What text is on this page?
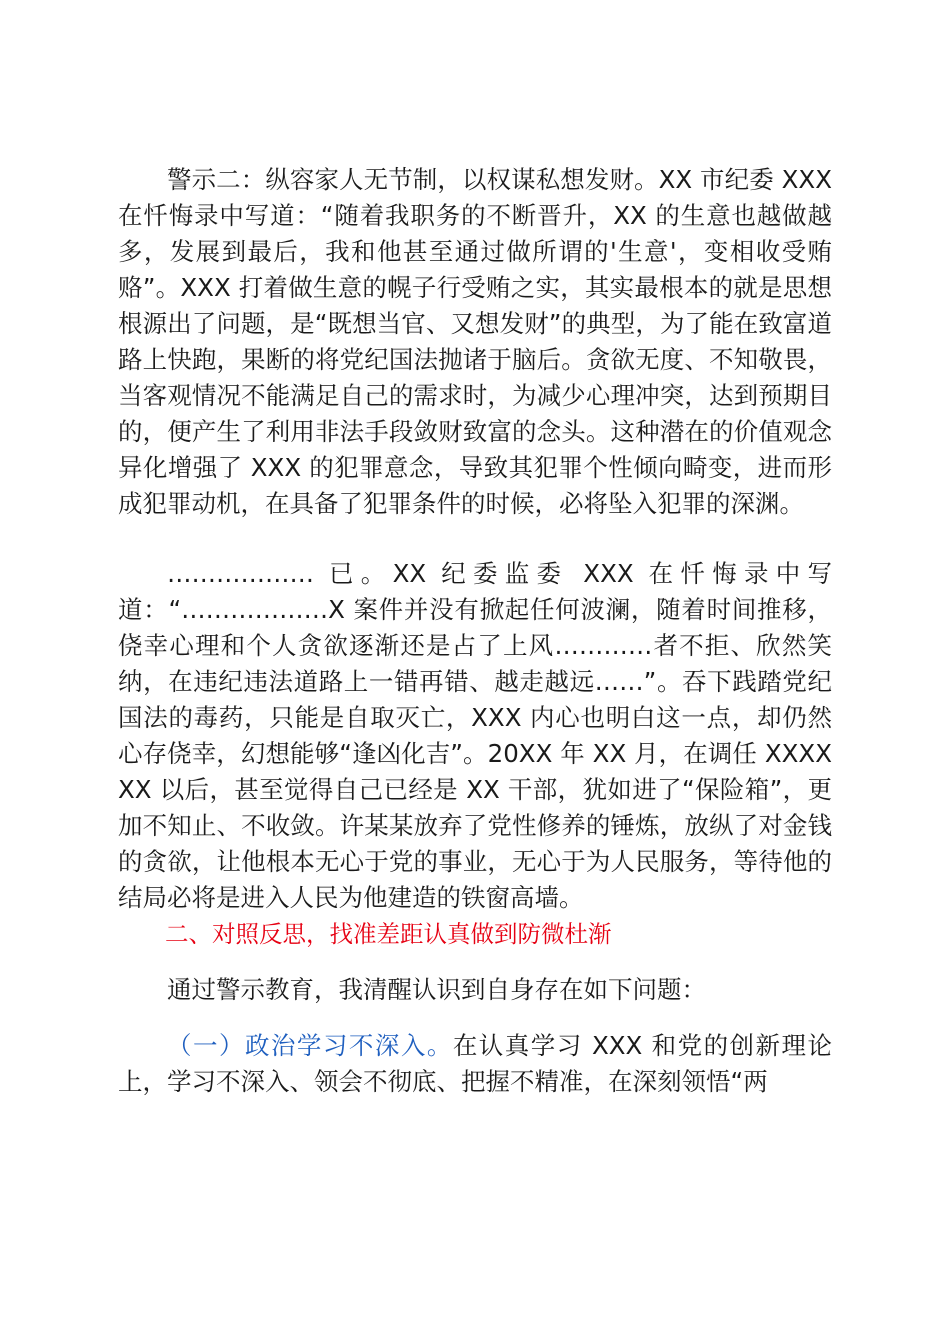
警示二：纵容家人无节制，以权谋私想发财。XX 市纪委 XXX 在忏悔录中写道：“随着我职务的不断晋升，XX 的生意也越做越多，发展到最后，我和他甚至通过做所谓的'生意'，变相收受贿赂”。XXX 打着做生意的幌子行受贿之实，其实最根本的就是思想根源出了问题，是“既想当官、又想发财”的典型，为了能在致富道路上快跑，果断的将党纪国法抛诸于脑后。贪欲无度、不知敬畏，当客观情况不能满足自己的需求时，为减少心理冲突，达到预期目的，便产生了利用非法手段敛财致富的念头。这种潜在的价值观念异化增强了 XXX 的犯罪意念，导致其犯罪个性倾向畸变，进而形成犯罪动机，在具备了犯罪条件的时候，必将坠入犯罪的深渊。

……………… 已。XX 纪委监委 XXX 在忏悔录中写道：“………………X 案件并没有掀起任何波澜，随着时间推移，侥幸心理和个人贪欲逐渐还是占了上风…………者不拒、欣然笑纳，在违纪违法道路上一错再错、越走越远……”。吞下践踏党纪国法的毒药，只能是自取灭亡，XXX 内心也明白这一点，却仍然心存侥幸，幻想能够“逢凶化吉”。20XX 年 XX 月，在调任 XXXXXX 以后，甚至觉得自己已经是 XX 干部，犹如进了“保险箱”，更加不知止、不收敛。许某某放弃了党性修养的锤炼，放纵了对金钱的贪欲，让他根本无心于党的事业，无心于为人民服务，等待他的结局必将是进入人民为他建造的铁窗高墙。

二、对照反思，找准差距认真做到防微杜渐

通过警示教育，我清醒认识到自身存在如下问题：

（一）政治学习不深入。在认真学习 XXX 和党的创新理论上，学习不深入、领会不彻底、把握不精准，在深刻领悟“两
